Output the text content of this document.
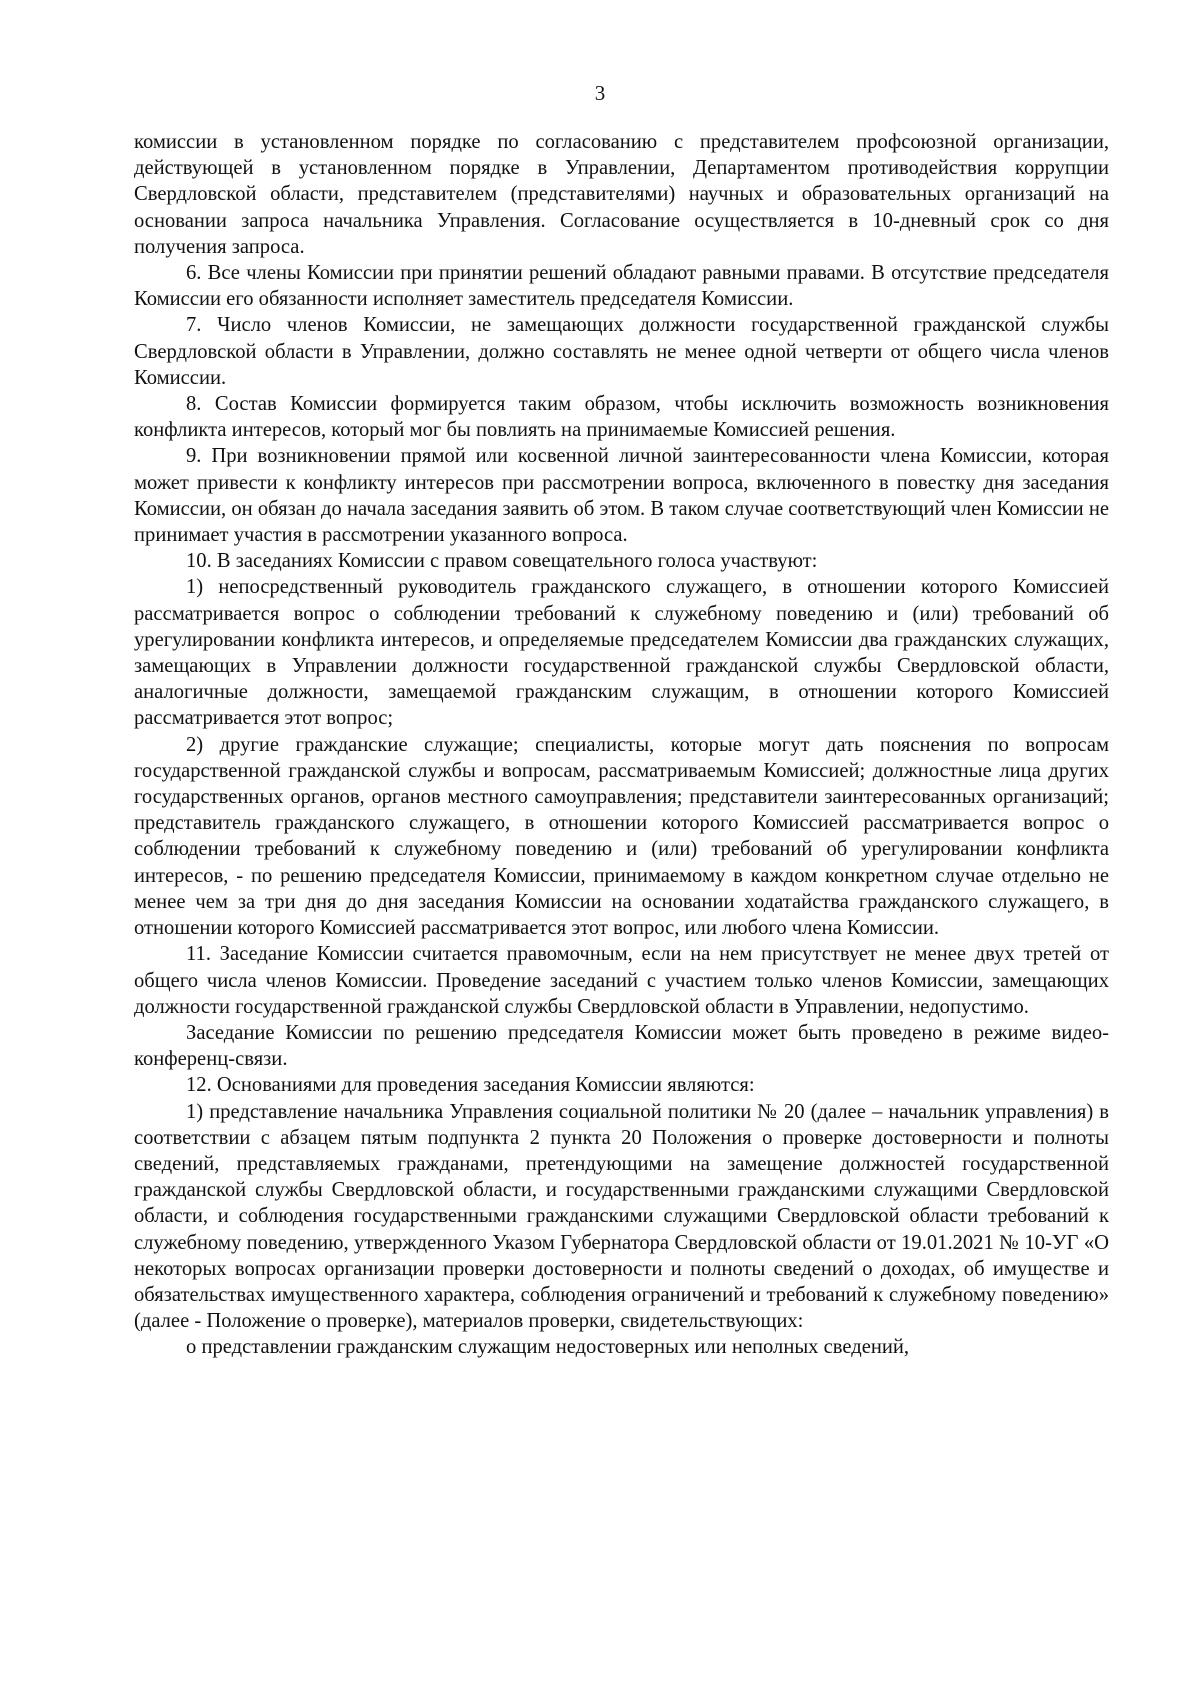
3

комиссии в установленном порядке по согласованию с представителем профсоюзной организации, действующей в установленном порядке в Управлении, Департаментом противодействия коррупции Свердловской области, представителем (представителями) научных и образовательных организаций на основании запроса начальника Управления. Согласование осуществляется в 10-дневный срок со дня получения запроса.

6. Все члены Комиссии при принятии решений обладают равными правами. В отсутствие председателя Комиссии его обязанности исполняет заместитель председателя Комиссии.

7. Число членов Комиссии, не замещающих должности государственной гражданской службы Свердловской области в Управлении, должно составлять не менее одной четверти от общего числа членов Комиссии.

8. Состав Комиссии формируется таким образом, чтобы исключить возможность возникновения конфликта интересов, который мог бы повлиять на принимаемые Комиссией решения.

9. При возникновении прямой или косвенной личной заинтересованности члена Комиссии, которая может привести к конфликту интересов при рассмотрении вопроса, включенного в повестку дня заседания Комиссии, он обязан до начала заседания заявить об этом. В таком случае соответствующий член Комиссии не принимает участия в рассмотрении указанного вопроса.

10. В заседаниях Комиссии с правом совещательного голоса участвуют:

1) непосредственный руководитель гражданского служащего, в отношении которого Комиссией рассматривается вопрос о соблюдении требований к служебному поведению и (или) требований об урегулировании конфликта интересов, и определяемые председателем Комиссии два гражданских служащих, замещающих в Управлении должности государственной гражданской службы Свердловской области, аналогичные должности, замещаемой гражданским служащим, в отношении которого Комиссией рассматривается этот вопрос;

2) другие гражданские служащие; специалисты, которые могут дать пояснения по вопросам государственной гражданской службы и вопросам, рассматриваемым Комиссией; должностные лица других государственных органов, органов местного самоуправления; представители заинтересованных организаций; представитель гражданского служащего, в отношении которого Комиссией рассматривается вопрос о соблюдении требований к служебному поведению и (или) требований об урегулировании конфликта интересов, - по решению председателя Комиссии, принимаемому в каждом конкретном случае отдельно не менее чем за три дня до дня заседания Комиссии на основании ходатайства гражданского служащего, в отношении которого Комиссией рассматривается этот вопрос, или любого члена Комиссии.

11. Заседание Комиссии считается правомочным, если на нем присутствует не менее двух третей от общего числа членов Комиссии. Проведение заседаний с участием только членов Комиссии, замещающих должности государственной гражданской службы Свердловской области в Управлении, недопустимо.

Заседание Комиссии по решению председателя Комиссии может быть проведено в режиме видео-конференц-связи.

12. Основаниями для проведения заседания Комиссии являются:

1) представление начальника Управления социальной политики № 20 (далее – начальник управления) в соответствии с абзацем пятым подпункта 2 пункта 20 Положения о проверке достоверности и полноты сведений, представляемых гражданами, претендующими на замещение должностей государственной гражданской службы Свердловской области, и государственными гражданскими служащими Свердловской области, и соблюдения государственными гражданскими служащими Свердловской области требований к служебному поведению, утвержденного Указом Губернатора Свердловской области от 19.01.2021 № 10-УГ «О некоторых вопросах организации проверки достоверности и полноты сведений о доходах, об имуществе и обязательствах имущественного характера, соблюдения ограничений и требований к служебному поведению» (далее - Положение о проверке), материалов проверки, свидетельствующих:

о представлении гражданским служащим недостоверных или неполных сведений,
